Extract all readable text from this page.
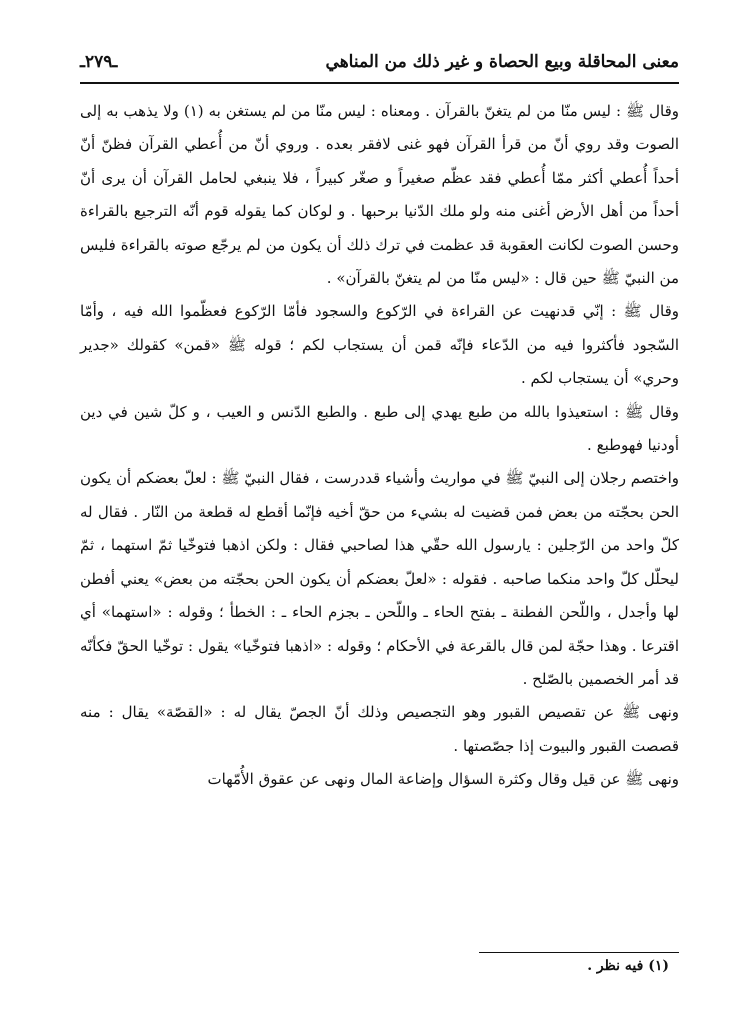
معنى المحاقلة وبيع الحصاة و غير ذلك من المناهي
ـ٢٧٩ـ

وقال ﷺ : ليس منّا من لم يتغنّ بالقرآن . ومعناه : ليس منّا من لم يستغن به (١) ولا يذهب به إلى الصوت وقد روي أنّ من قرأ القرآن فهو غنى لافقر بعده . وروي أنّ من أُعطي القرآن فظنّ أنّ أحداً أُعطي أكثر ممّا أُعطي فقد عظّم صغيراً و صغّر كبيراً ، فلا ينبغي لحامل القرآن أن يرى أنّ أحداً من أهل الأرض أغنى منه ولو ملك الدّنيا برحبها . و لوكان كما يقوله قوم أنّه الترجيع بالقراءة وحسن الصوت لكانت العقوبة قد عظمت في ترك ذلك أن يكون من لم يرجّع صوته بالقراءة فليس من النبيّ ﷺ حين قال : «ليس منّا من لم يتغنّ بالقرآن» .

وقال ﷺ : إنّي قدنهيت عن القراءة في الرّكوع والسجود فأمّا الرّكوع فعظّموا الله فيه ، وأمّا السّجود فأكثروا فيه من الدّعاء فإنّه قمن أن يستجاب لكم ؛ قوله ﷺ «قمن» كقولك «جدير وحري» أن يستجاب لكم .

وقال ﷺ : استعيذوا بالله من طبع يهدي إلى طبع . والطبع الدّنس و العيب ، و كلّ شين في دين أودنيا فهوطبع .

واختصم رجلان إلى النبيّ ﷺ في مواريث وأشياء قددرست ، فقال النبيّ ﷺ : لعلّ بعضكم أن يكون الحن بحجّته من بعض فمن قضيت له بشيء من حقّ أخيه فإنّما أقطع له قطعة من النّار . فقال له كلّ واحد من الرّجلين : يارسول الله حقّي هذا لصاحبي فقال : ولكن اذهبا فتوخّيا ثمّ استهما ، ثمّ ليحلّل كلّ واحد منكما صاحبه . فقوله : «لعلّ بعضكم أن يكون الحن بحجّته من بعض» يعني أفطن لها وأجدل ، واللّحن الفطنة ـ بفتح الحاء ـ واللّحن ـ بجزم الحاء ـ : الخطأ ؛ وقوله : «استهما» أي اقترعا . وهذا حجّة لمن قال بالقرعة في الأحكام ؛ وقوله : «اذهبا فتوخّيا» يقول : توخّيا الحقّ فكأنّه قد أمر الخصمين بالصّلح .

ونهى ﷺ عن تقصيص القبور وهو التجصيص وذلك أنّ الجصّ يقال له : «القصّة» يقال : منه قصصت القبور والبيوت إذا جصّصتها .

ونهى ﷺ عن قيل وقال وكثرة السؤال وإضاعة المال ونهى عن عقوق الأُمّهات

(١) فيه نظر .
